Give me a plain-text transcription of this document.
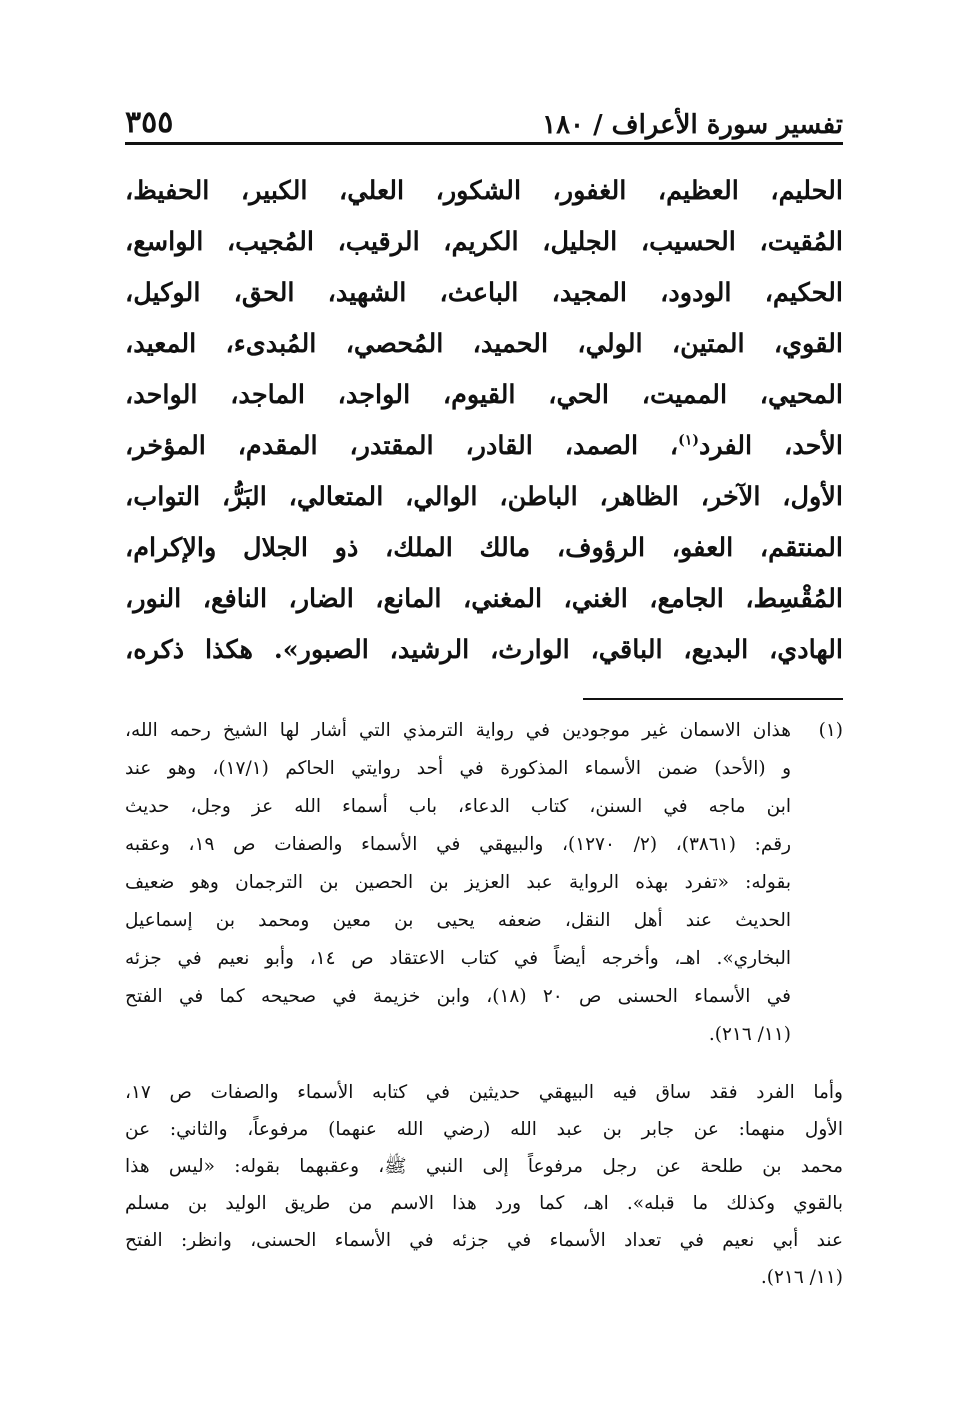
تفسير سورة الأعراف / ١٨٠
٣٥٥
الحليم، العظيم، الغفور، الشكور، العلي، الكبير، الحفيظ،
المُقيت، الحسيب، الجليل، الكريم، الرقيب، المُجيب، الواسع،
الحكيم، الودود، المجيد، الباعث، الشهيد، الحق، الوكيل،
القوي، المتين، الولي، الحميد، المُحصي، المُبدىء، المعيد،
المحيي، المميت، الحي، القيوم، الواجد، الماجد، الواحد،
الأحد، الفرد$^{(١)}$، الصمد، القادر، المقتدر، المقدم، المؤخر،
الأول، الآخر، الظاهر، الباطن، الوالي، المتعالي، البَرُّ، التواب،
المنتقم، العفو، الرؤوف، مالك الملك، ذو الجلال والإكرام،
المُقْسِط، الجامع، الغني، المغني، المانع، الضار، النافع، النور،
الهادي، البديع، الباقي، الوارث، الرشيد، الصبور». هكذا ذكره،
(١)
هذان الاسمان غير موجودين في رواية الترمذي التي أشار لها الشيخ رحمه الله،
و (الأحد) ضمن الأسماء المذكورة في أحد روايتي الحاكم (١٧/١)، وهو عند
ابن ماجه في السنن، كتاب الدعاء، باب أسماء الله عز وجل، حديث
رقم: (٣٨٦١)، (٢/ ١٢٧٠)، والبيهقي في الأسماء والصفات ص ١٩، وعقبه
بقوله: «تفرد بهذه الرواية عبد العزيز بن الحصين بن الترجمان وهو ضعيف
الحديث عند أهل النقل، ضعفه يحيى بن معين ومحمد بن إسماعيل
البخاري». اهـ، وأخرجه أيضاً في كتاب الاعتقاد ص ١٤، وأبو نعيم في جزئه
في الأسماء الحسنى ص ٢٠ (١٨)، وابن خزيمة في صحيحه كما في الفتح
(١١/ ٢١٦).
وأما الفرد فقد ساق فيه البيهقي حديثين في كتابه الأسماء والصفات ص ١٧،
الأول منهما: عن جابر بن عبد الله (رضي الله عنهما) مرفوعاً، والثاني: عن
محمد بن طلحة عن رجل مرفوعاً إلى النبي ﷺ، وعقبهما بقوله: «ليس هذا
بالقوي وكذلك ما قبله». اهـ، كما ورد هذا الاسم من طريق الوليد بن مسلم
عند أبي نعيم في تعداد الأسماء في جزئه في الأسماء الحسنى، وانظر: الفتح
(١١/ ٢١٦).
